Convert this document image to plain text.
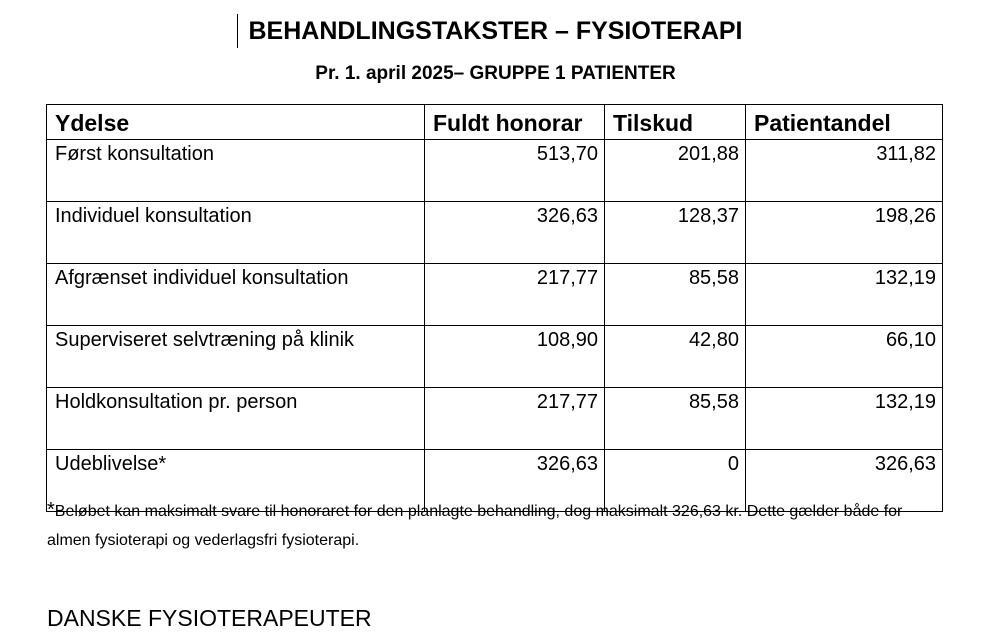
BEHANDLINGSTAKSTER – FYSIOTERAPI
Pr. 1. april 2025– GRUPPE 1 PATIENTER
Ydelse	Fuldt honorar	Tilskud	Patientandel
Først konsultation	513,70	201,88	311,82
Individuel konsultation	326,63	128,37	198,26
Afgrænset individuel konsultation	217,77	85,58	132,19
Superviseret selvtræning på klinik	108,90	42,80	66,10
Holdkonsultation pr. person	217,77	85,58	132,19
Udeblivelse*	326,63	0	326,63
*Beløbet kan maksimalt svare til honoraret for den planlagte behandling, dog maksimalt 326,63 kr. Dette gælder både for almen fysioterapi og vederlagsfri fysioterapi.
DANSKE FYSIOTERAPEUTER
